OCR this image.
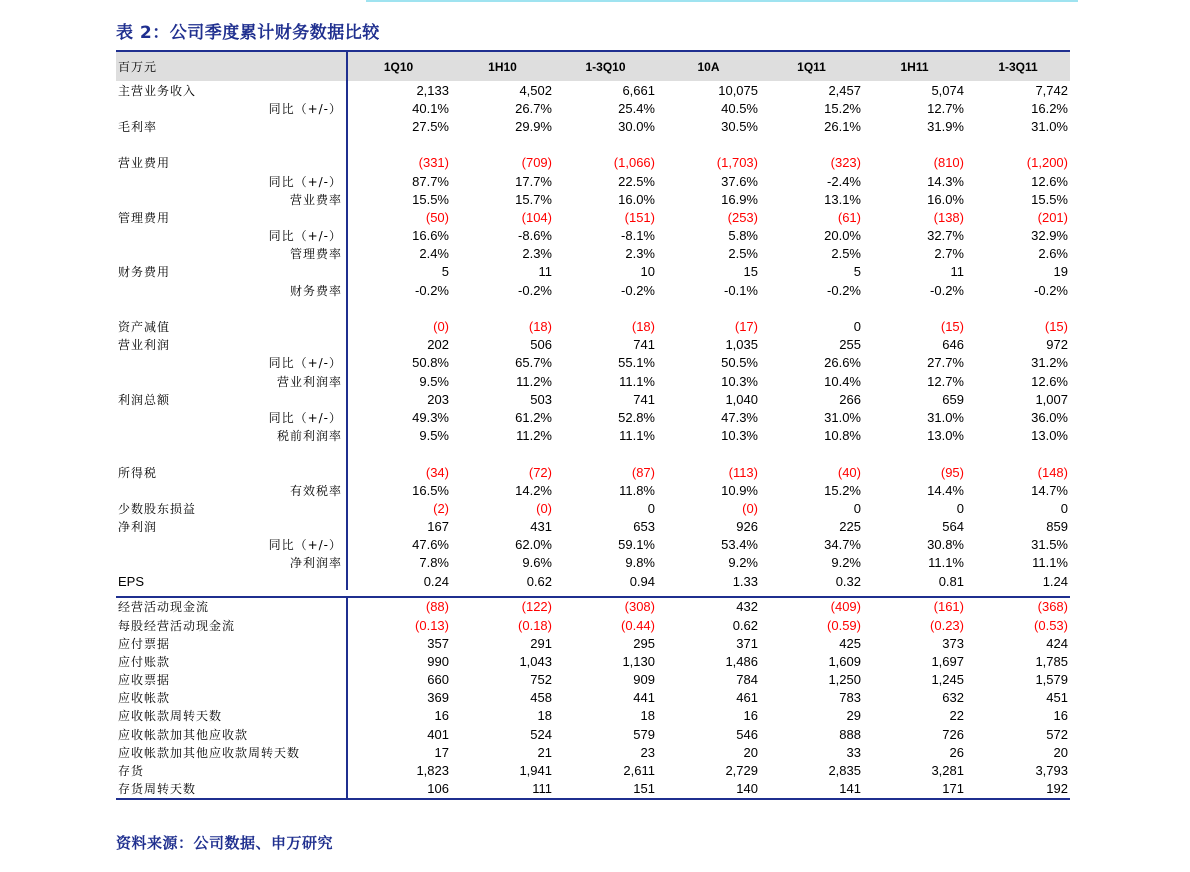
表 2：公司季度累计财务数据比较
百万元	1Q10	1H10	1-3Q10	10A	1Q11	1H11	1-3Q11
主营业务收入	2,133	4,502	6,661	10,075	2,457	5,074	7,742
同比（+/-）	40.1%	26.7%	25.4%	40.5%	15.2%	12.7%	16.2%
毛利率	27.5%	29.9%	30.0%	30.5%	26.1%	31.9%	31.0%
营业费用	(331)	(709)	(1,066)	(1,703)	(323)	(810)	(1,200)
同比（+/-）	87.7%	17.7%	22.5%	37.6%	-2.4%	14.3%	12.6%
营业费率	15.5%	15.7%	16.0%	16.9%	13.1%	16.0%	15.5%
管理费用	(50)	(104)	(151)	(253)	(61)	(138)	(201)
同比（+/-）	16.6%	-8.6%	-8.1%	5.8%	20.0%	32.7%	32.9%
管理费率	2.4%	2.3%	2.3%	2.5%	2.5%	2.7%	2.6%
财务费用	5	11	10	15	5	11	19
财务费率	-0.2%	-0.2%	-0.2%	-0.1%	-0.2%	-0.2%	-0.2%
资产减值	(0)	(18)	(18)	(17)	0	(15)	(15)
营业利润	202	506	741	1,035	255	646	972
同比（+/-）	50.8%	65.7%	55.1%	50.5%	26.6%	27.7%	31.2%
营业利润率	9.5%	11.2%	11.1%	10.3%	10.4%	12.7%	12.6%
利润总额	203	503	741	1,040	266	659	1,007
同比（+/-）	49.3%	61.2%	52.8%	47.3%	31.0%	31.0%	36.0%
税前利润率	9.5%	11.2%	11.1%	10.3%	10.8%	13.0%	13.0%
所得税	(34)	(72)	(87)	(113)	(40)	(95)	(148)
有效税率	16.5%	14.2%	11.8%	10.9%	15.2%	14.4%	14.7%
少数股东损益	(2)	(0)	0	(0)	0	0	0
净利润	167	431	653	926	225	564	859
同比（+/-）	47.6%	62.0%	59.1%	53.4%	34.7%	30.8%	31.5%
净利润率	7.8%	9.6%	9.8%	9.2%	9.2%	11.1%	11.1%
EPS	0.24	0.62	0.94	1.33	0.32	0.81	1.24
经营活动现金流	(88)	(122)	(308)	432	(409)	(161)	(368)
每股经营活动现金流	(0.13)	(0.18)	(0.44)	0.62	(0.59)	(0.23)	(0.53)
应付票据	357	291	295	371	425	373	424
应付账款	990	1,043	1,130	1,486	1,609	1,697	1,785
应收票据	660	752	909	784	1,250	1,245	1,579
应收帐款	369	458	441	461	783	632	451
应收帐款周转天数	16	18	18	16	29	22	16
应收帐款加其他应收款	401	524	579	546	888	726	572
应收帐款加其他应收款周转天数	17	21	23	20	33	26	20
存货	1,823	1,941	2,611	2,729	2,835	3,281	3,793
存货周转天数	106	111	151	140	141	171	192
资料来源：公司数据、申万研究
